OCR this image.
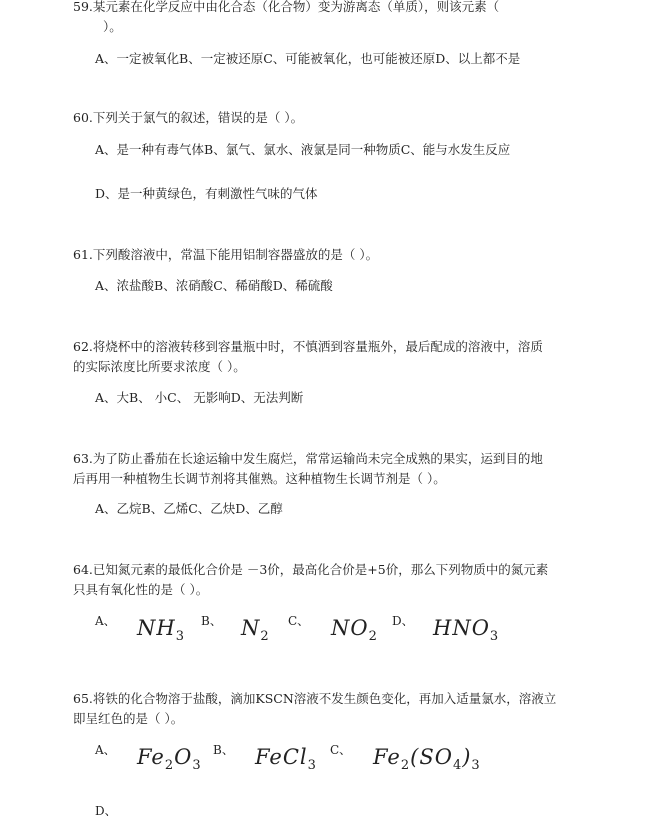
59.某元素在化学反应中由化合态（化合物）变为游离态（单质），则该元素（
）。

A、一定被氧化B、一定被还原C、可能被氧化，也可能被还原D、以上都不是

60.下列关于氯气的叙述，错误的是（ ）。

A、是一种有毒气体B、氯气、氯水、液氯是同一种物质C、能与水发生反应

D、是一种黄绿色，有刺激性气味的气体

61.下列酸溶液中，常温下能用铝制容器盛放的是（ ）。

A、浓盐酸B、浓硝酸C、稀硝酸D、稀硫酸

62.将烧杯中的溶液转移到容量瓶中时，不慎洒到容量瓶外，最后配成的溶液中，溶质
的实际浓度比所要求浓度（ ）。

A、大B、 小C、 无影响D、无法判断

63.为了防止番茄在长途运输中发生腐烂，常常运输尚未完全成熟的果实，运到目的地
后再用一种植物生长调节剂将其催熟。这种植物生长调节剂是（ ）。

A、乙烷B、乙烯C、乙炔D、乙醇

64.已知氮元素的最低化合价是 －3价，最高化合价是+5价，那么下列物质中的氮元素
只具有氧化性的是（ ）。

A、 $NH_3$
B、 $N_2$
C、 $NO_2$
D、 $HNO_3$

65.将铁的化合物溶于盐酸，滴加KSCN溶液不发生颜色变化，再加入适量氯水，溶液立
即呈红色的是（ ）。

A、 $Fe_2O_3$
B、 FeCl$_3$
C、 $Fe_2(SO_4)_3$
D、
